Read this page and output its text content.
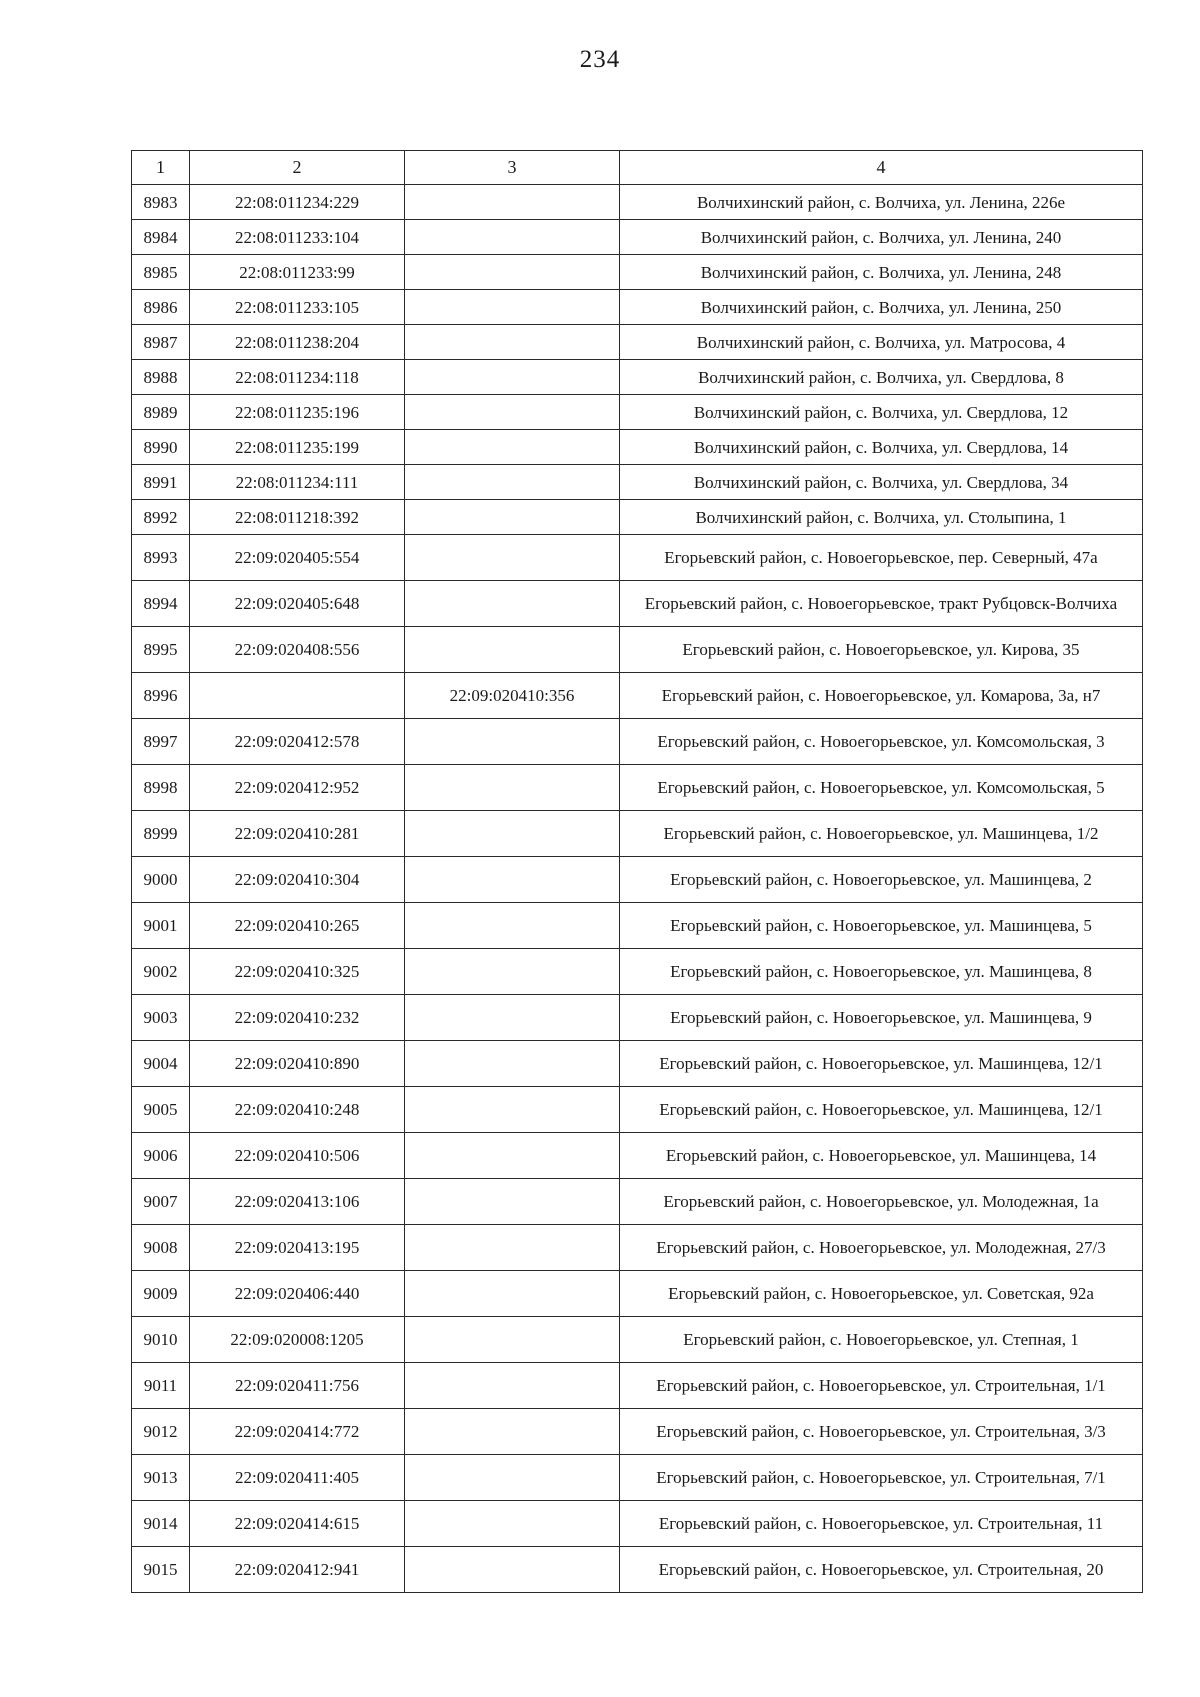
234
1	2	3	4
8983	22:08:011234:229		Волчихинский район, с. Волчиха, ул. Ленина, 226е
8984	22:08:011233:104		Волчихинский район, с. Волчиха, ул. Ленина, 240
8985	22:08:011233:99		Волчихинский район, с. Волчиха, ул. Ленина, 248
8986	22:08:011233:105		Волчихинский район, с. Волчиха, ул. Ленина, 250
8987	22:08:011238:204		Волчихинский район, с. Волчиха, ул. Матросова, 4
8988	22:08:011234:118		Волчихинский район, с. Волчиха, ул. Свердлова, 8
8989	22:08:011235:196		Волчихинский район, с. Волчиха, ул. Свердлова, 12
8990	22:08:011235:199		Волчихинский район, с. Волчиха, ул. Свердлова, 14
8991	22:08:011234:111		Волчихинский район, с. Волчиха, ул. Свердлова, 34
8992	22:08:011218:392		Волчихинский район, с. Волчиха, ул. Столыпина, 1
8993	22:09:020405:554		Егорьевский район, с. Новоегорьевское, пер. Северный, 47а
8994	22:09:020405:648		Егорьевский район, с. Новоегорьевское, тракт Рубцовск-Волчиха
8995	22:09:020408:556		Егорьевский район, с. Новоегорьевское, ул. Кирова, 35
8996		22:09:020410:356	Егорьевский район, с. Новоегорьевское, ул. Комарова, 3а, н7
8997	22:09:020412:578		Егорьевский район, с. Новоегорьевское, ул. Комсомольская, 3
8998	22:09:020412:952		Егорьевский район, с. Новоегорьевское, ул. Комсомольская, 5
8999	22:09:020410:281		Егорьевский район, с. Новоегорьевское, ул. Машинцева, 1/2
9000	22:09:020410:304		Егорьевский район, с. Новоегорьевское, ул. Машинцева, 2
9001	22:09:020410:265		Егорьевский район, с. Новоегорьевское, ул. Машинцева, 5
9002	22:09:020410:325		Егорьевский район, с. Новоегорьевское, ул. Машинцева, 8
9003	22:09:020410:232		Егорьевский район, с. Новоегорьевское, ул. Машинцева, 9
9004	22:09:020410:890		Егорьевский район, с. Новоегорьевское, ул. Машинцева, 12/1
9005	22:09:020410:248		Егорьевский район, с. Новоегорьевское, ул. Машинцева, 12/1
9006	22:09:020410:506		Егорьевский район, с. Новоегорьевское, ул. Машинцева, 14
9007	22:09:020413:106		Егорьевский район, с. Новоегорьевское, ул. Молодежная, 1а
9008	22:09:020413:195		Егорьевский район, с. Новоегорьевское, ул. Молодежная, 27/3
9009	22:09:020406:440		Егорьевский район, с. Новоегорьевское, ул. Советская, 92а
9010	22:09:020008:1205		Егорьевский район, с. Новоегорьевское, ул. Степная, 1
9011	22:09:020411:756		Егорьевский район, с. Новоегорьевское, ул. Строительная, 1/1
9012	22:09:020414:772		Егорьевский район, с. Новоегорьевское, ул. Строительная, 3/3
9013	22:09:020411:405		Егорьевский район, с. Новоегорьевское, ул. Строительная, 7/1
9014	22:09:020414:615		Егорьевский район, с. Новоегорьевское, ул. Строительная, 11
9015	22:09:020412:941		Егорьевский район, с. Новоегорьевское, ул. Строительная, 20
